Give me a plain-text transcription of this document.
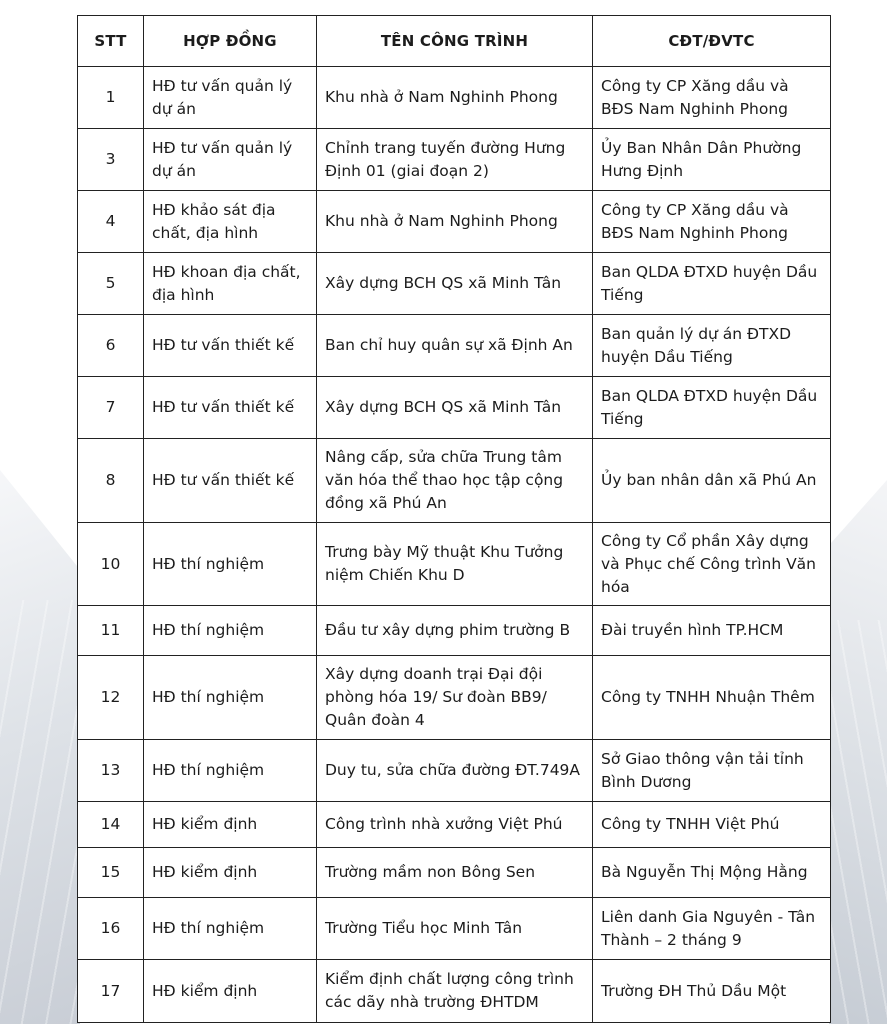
STT	HỢP ĐỒNG	TÊN CÔNG TRÌNH	CĐT/ĐVTC
1	HĐ tư vấn quản lý dự án	Khu nhà ở Nam Nghinh Phong	Công ty CP Xăng dầu và BĐS Nam Nghinh Phong
3	HĐ tư vấn quản lý dự án	Chỉnh trang tuyến đường Hưng Định 01 (giai đoạn 2)	Ủy Ban Nhân Dân Phường Hưng Định
4	HĐ khảo sát địa chất, địa hình	Khu nhà ở Nam Nghinh Phong	Công ty CP Xăng dầu và BĐS Nam Nghinh Phong
5	HĐ khoan địa chất, địa hình	Xây dựng BCH QS xã Minh Tân	Ban QLDA ĐTXD huyện Dầu Tiếng
6	HĐ tư vấn thiết kế	Ban chỉ huy quân sự xã Định An	Ban quản lý dự án ĐTXD huyện Dầu Tiếng
7	HĐ tư vấn thiết kế	Xây dựng BCH QS xã Minh Tân	Ban QLDA ĐTXD huyện Dầu Tiếng
8	HĐ tư vấn thiết kế	Nâng cấp, sửa chữa Trung tâm văn hóa thể thao học tập cộng đồng xã Phú An	Ủy ban nhân dân xã Phú An
10	HĐ thí nghiệm	Trưng bày Mỹ thuật Khu Tưởng niệm Chiến Khu D	Công ty Cổ phần Xây dựng và Phục chế Công trình Văn hóa
11	HĐ thí nghiệm	Đầu tư xây dựng phim trường B	Đài truyền hình TP.HCM
12	HĐ thí nghiệm	Xây dựng doanh trại Đại đội phòng hóa 19/ Sư đoàn BB9/ Quân đoàn 4	Công ty TNHH Nhuận Thêm
13	HĐ thí nghiệm	Duy tu, sửa chữa đường ĐT.749A	Sở Giao thông vận tải tỉnh Bình Dương
14	HĐ kiểm định	Công trình nhà xưởng Việt Phú	Công ty TNHH Việt Phú
15	HĐ kiểm định	Trường mầm non Bông Sen	Bà Nguyễn Thị Mộng Hằng
16	HĐ thí nghiệm	Trường Tiểu học Minh Tân	Liên danh Gia Nguyên - Tân Thành – 2 tháng 9
17	HĐ kiểm định	Kiểm định chất lượng công trình các dãy nhà trường ĐHTDM	Trường ĐH Thủ Dầu Một
